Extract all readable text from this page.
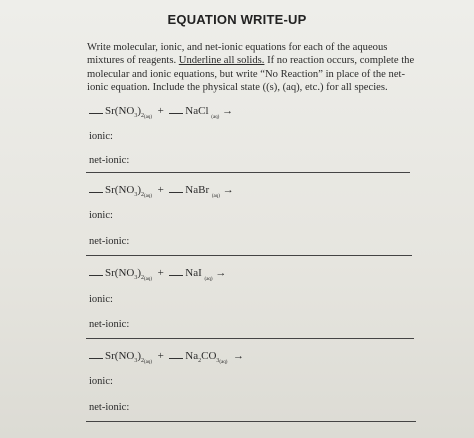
EQUATION WRITE-UP
Write molecular, ionic, and net-ionic equations for each of the aqueous mixtures of reagents. Underline all solids. If no reaction occurs, complete the molecular and ionic equations, but write “No Reaction” in place of the net-ionic equation. Include the physical state ((s), (aq), etc.) for all species.
$Sr(NO_3)_{2(aq)}$  + NaCl $_{(aq)}$ →
ionic:
net-ionic:
$Sr(NO_3)_{2(aq)}$  + NaBr $_{(aq)}$ →
ionic:
net-ionic:
$Sr(NO_3)_{2(aq)}$  + NaI $_{(aq)}$ →
ionic:
net-ionic:
$Sr(NO_3)_{2(aq)} + Na_2CO_{3(aq)}$  →
ionic:
net-ionic:
